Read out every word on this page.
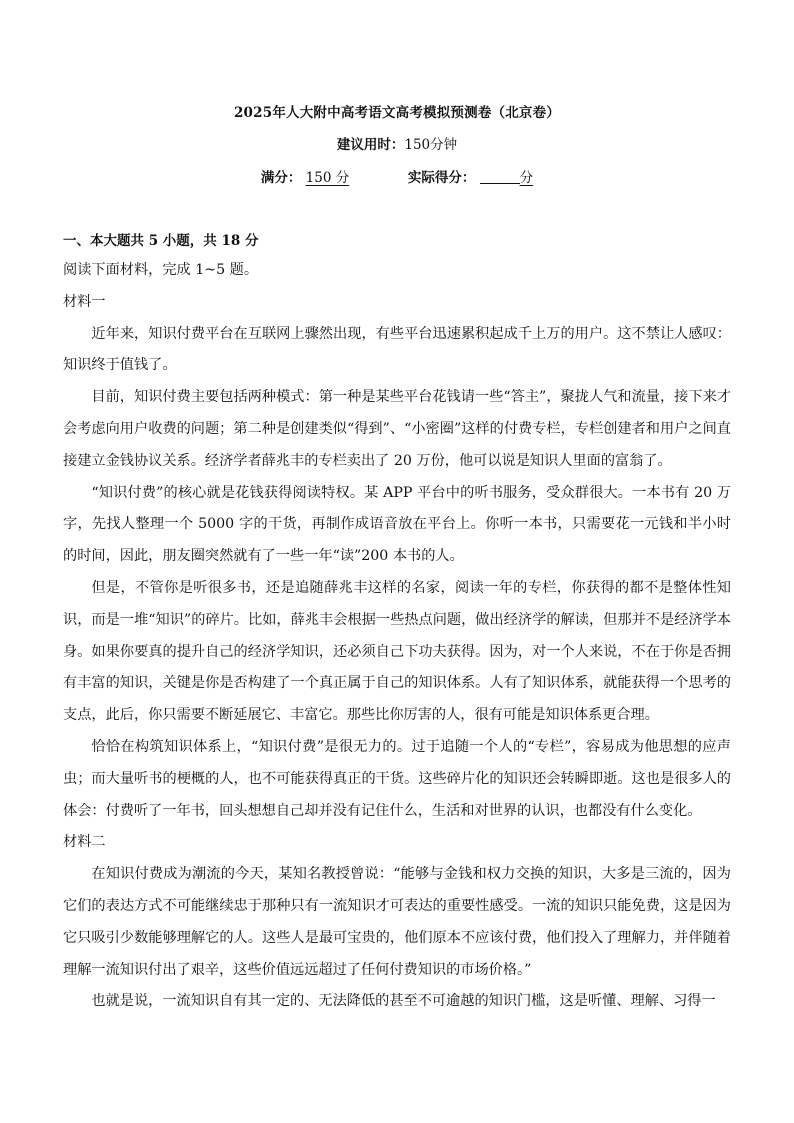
2025年人大附中高考语文高考模拟预测卷（北京卷）
建议用时：150分钟
满分： 150 分	实际得分：	分
一、本大题共 5 小题，共 18 分

阅读下面材料，完成 1~5 题。

材料一

近年来，知识付费平台在互联网上骤然出现，有些平台迅速累积起成千上万的用户。这不禁让人感叹：知识终于值钱了。

目前，知识付费主要包括两种模式：第一种是某些平台花钱请一些“答主”，聚拢人气和流量，接下来才会考虑向用户收费的问题；第二种是创建类似“得到”、“小密圈”这样的付费专栏，专栏创建者和用户之间直接建立金钱协议关系。经济学者薛兆丰的专栏卖出了 20 万份，他可以说是知识人里面的富翁了。

“知识付费”的核心就是花钱获得阅读特权。某 APP 平台中的听书服务，受众群很大。一本书有 20 万字，先找人整理一个 5000 字的干货，再制作成语音放在平台上。你听一本书，只需要花一元钱和半小时的时间，因此，朋友圈突然就有了一些一年“读”200 本书的人。

但是，不管你是听很多书，还是追随薛兆丰这样的名家，阅读一年的专栏，你获得的都不是整体性知识，而是一堆“知识”的碎片。比如，薛兆丰会根据一些热点问题，做出经济学的解读，但那并不是经济学本身。如果你要真的提升自己的经济学知识，还必须自己下功夫获得。因为，对一个人来说，不在于你是否拥有丰富的知识，关键是你是否构建了一个真正属于自己的知识体系。人有了知识体系，就能获得一个思考的支点，此后，你只需要不断延展它、丰富它。那些比你厉害的人，很有可能是知识体系更合理。

恰恰在构筑知识体系上，“知识付费”是很无力的。过于追随一个人的“专栏”，容易成为他思想的应声虫；而大量听书的梗概的人，也不可能获得真正的干货。这些碎片化的知识还会转瞬即逝。这也是很多人的体会：付费听了一年书，回头想想自己却并没有记住什么，生活和对世界的认识，也都没有什么变化。

材料二

在知识付费成为潮流的今天，某知名教授曾说：“能够与金钱和权力交换的知识，大多是三流的，因为它们的表达方式不可能继续忠于那种只有一流知识才可表达的重要性感受。一流的知识只能免费，这是因为它只吸引少数能够理解它的人。这些人是最可宝贵的，他们原本不应该付费，他们投入了理解力，并伴随着理解一流知识付出了艰辛，这些价值远远超过了任何付费知识的市场价格。”

也就是说，一流知识自有其一定的、无法降低的甚至不可逾越的知识门槛，这是听懂、理解、习得一
